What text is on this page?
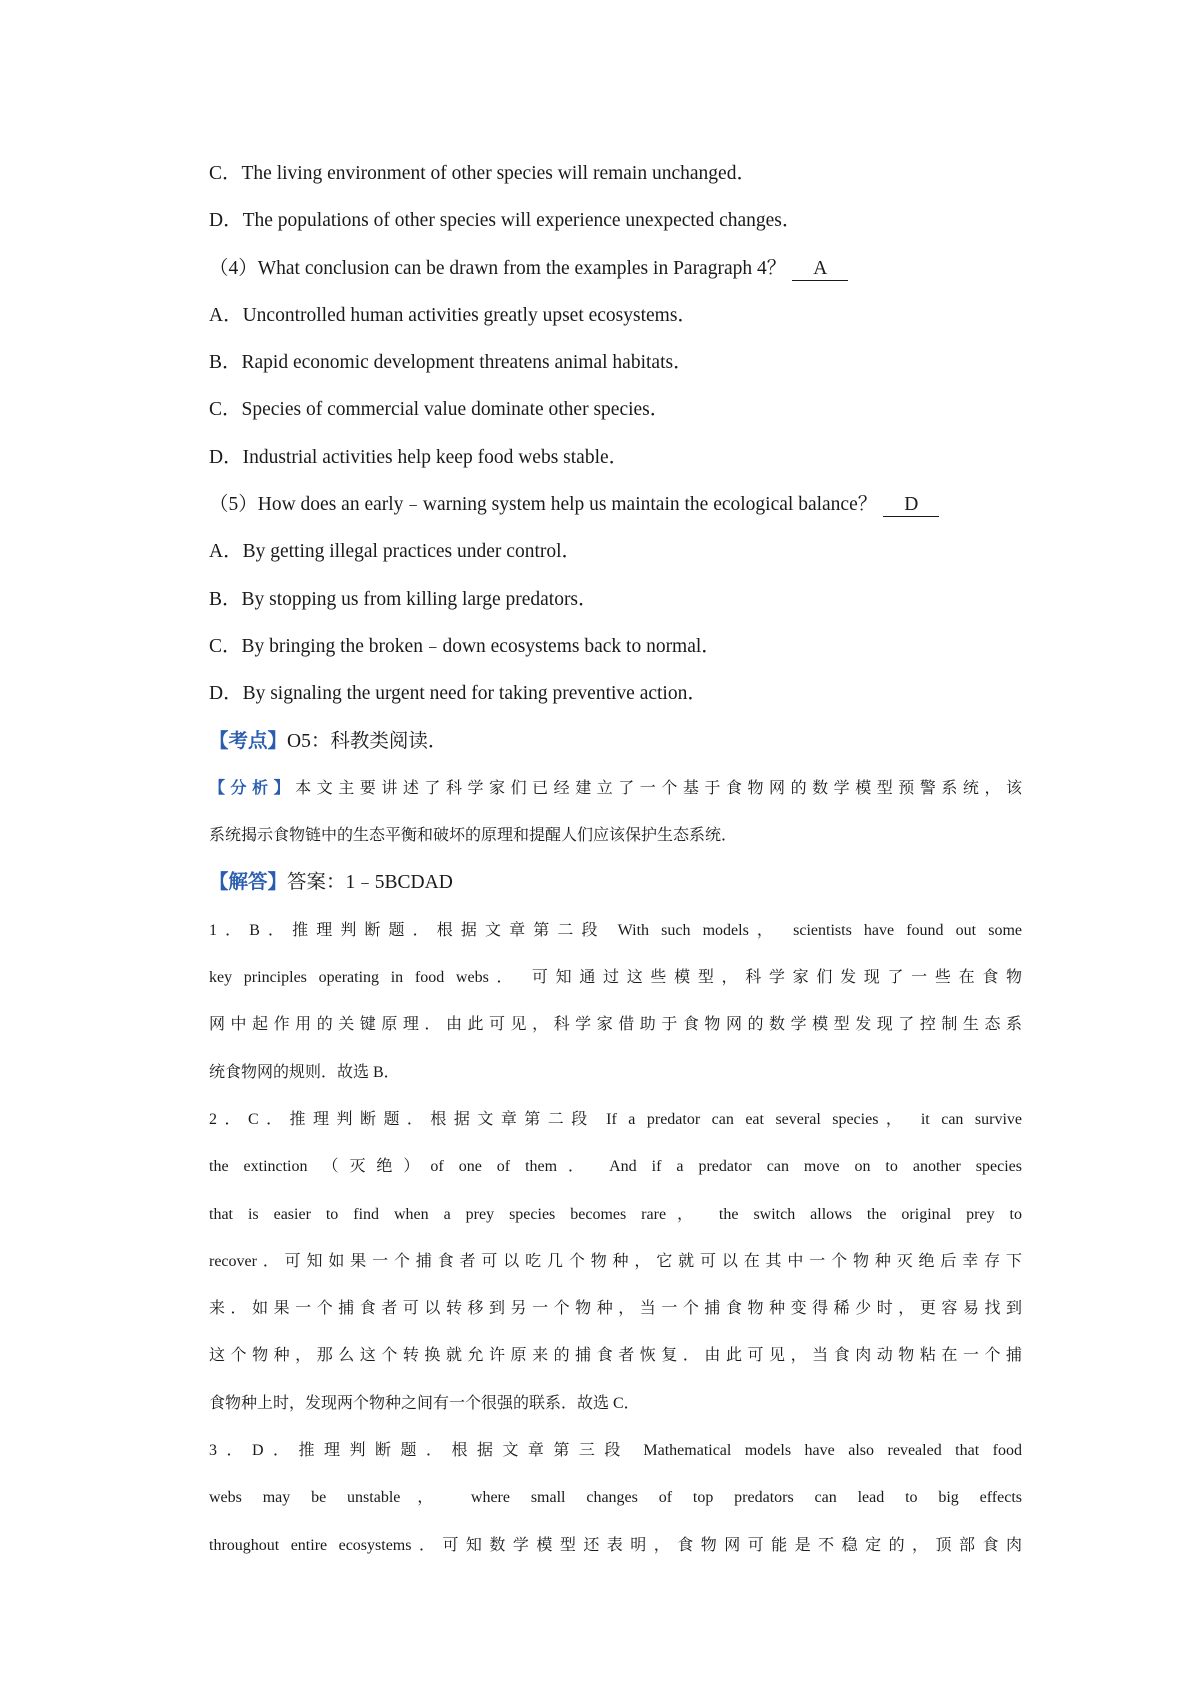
C．The living environment of other species will remain unchanged．
D．The populations of other species will experience unexpected changes．
（4）What conclusion can be drawn from the examples in Paragraph 4？ A
A．Uncontrolled human activities greatly upset ecosystems．
B．Rapid economic development threatens animal habitats．
C．Species of commercial value dominate other species．
D．Industrial activities help keep food webs stable．
（5）How does an early﹣warning system help us maintain the ecological balance？ D
A．By getting illegal practices under control．
B．By stopping us from killing large predators．
C．By bringing the broken﹣down ecosystems back to normal．
D．By signaling the urgent need for taking preventive action．
【考点】O5：科教类阅读．
【分析】本文主要讲述了科学家们已经建立了一个基于食物网的数学模型预警系统，该
系统揭示食物链中的生态平衡和破坏的原理和提醒人们应该保护生态系统．
【解答】答案：1﹣5BCDAD
1．B．推理判断题．根据文章第二段 With such models， scientists have found out some
key principles operating in food webs． 可知通过这些模型，科学家们发现了一些在食物
网中起作用的关键原理．由此可见，科学家借助于食物网的数学模型发现了控制生态系
统食物网的规则．故选 B．
2．C．推理判断题．根据文章第二段 If a predator can eat several species， it can survive
the extinction （灭绝）of one of them． And if a predator can move on to another species
that is easier to find when a prey species becomes rare， the switch allows the original prey to
recover．可知如果一个捕食者可以吃几个物种，它就可以在其中一个物种灭绝后幸存下
来．如果一个捕食者可以转移到另一个物种，当一个捕食物种变得稀少时，更容易找到
这个物种，那么这个转换就允许原来的捕食者恢复．由此可见，当食肉动物粘在一个捕
食物种上时，发现两个物种之间有一个很强的联系．故选 C．
3．D．推理判断题．根据文章第三段 Mathematical models have also revealed that food
webs may be unstable， where small changes of top predators can lead to big effects
throughout entire ecosystems．可知数学模型还表明，食物网可能是不稳定的，顶部食肉
